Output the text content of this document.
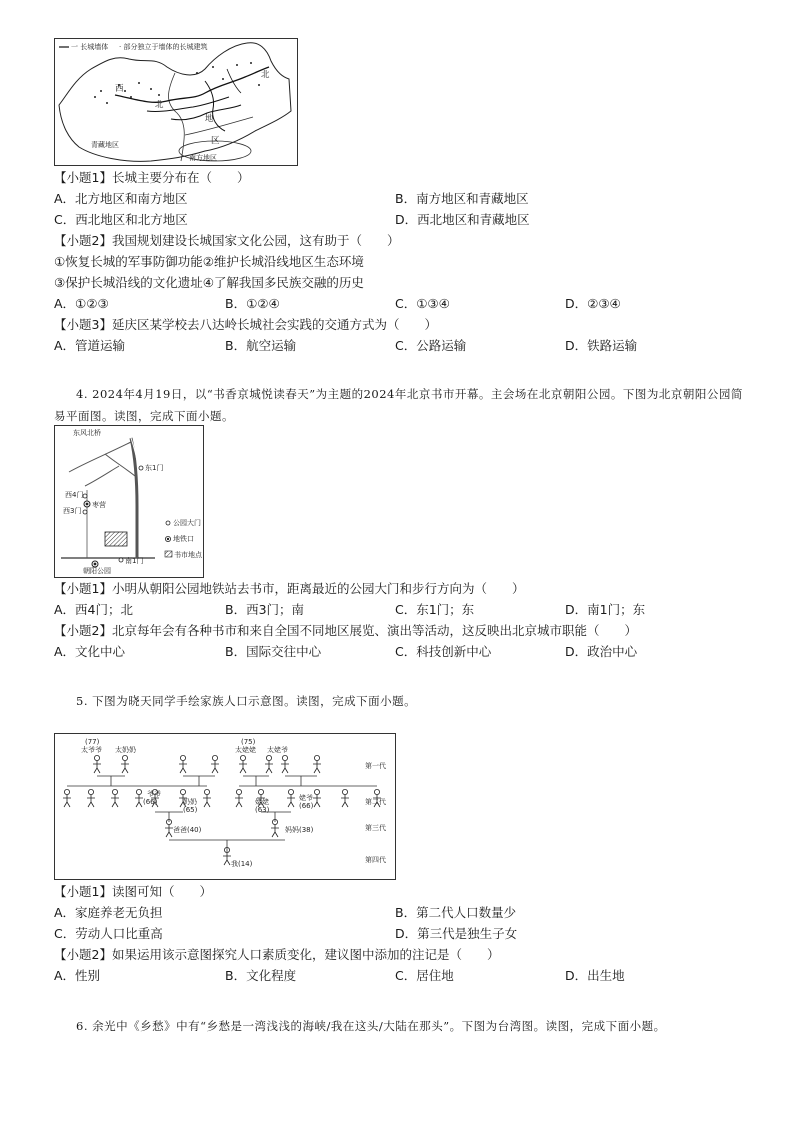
一 长城墙体 · 部分独立于墙体的长城建筑
西
北
北
地
区
青藏地区
南方地区
【小题1】长城主要分布在（　　）
A．北方地区和南方地区	B．南方地区和青藏地区
C．西北地区和北方地区	D．西北地区和青藏地区
【小题2】我国规划建设长城国家文化公园，这有助于（　　）
①恢复长城的军事防御功能②维护长城沿线地区生态环境
③保护长城沿线的文化遗址④了解我国多民族交融的历史
A．①②③	B．①②④	C．①③④	D．②③④
【小题3】延庆区某学校去八达岭长城社会实践的交通方式为（　　）
A．管道运输	B．航空运输	C．公路运输	D．铁路运输
4. 2024年4月19日，以“书香京城悦读春天”为主题的2024年北京书市开幕。主会场在北京朝阳公园。下图为北京朝阳公园简
易平面图。读图，完成下面小题。
东风北桥
东1门
西4门
西3门
枣营
南1门
朝阳公园
公园大门
地铁口
书市地点
【小题1】小明从朝阳公园地铁站去书市，距离最近的公园大门和步行方向为（　　）
A．西4门；北	B．西3门；南	C．东1门；东	D．南1门；东
【小题2】北京每年会有各种书市和来自全国不同地区展览、演出等活动，这反映出北京城市职能（　　）
A．文化中心	B．国际交往中心	C．科技创新中心	D．政治中心
5. 下图为晓天同学手绘家族人口示意图。读图，完成下面小题。
(77)
太爷爷 太奶奶
(75)
太姥姥 太姥爷
爷爷
(66)	奶奶
(65)
姥姥
(63)
姥爷
(66)
爸爸(40)	妈妈(38)
我(14)
第一代
第二代
第三代
第四代
【小题1】读图可知（　　）
A．家庭养老无负担	B．第二代人口数量少
C．劳动人口比重高	D．第三代是独生子女
【小题2】如果运用该示意图探究人口素质变化，建议图中添加的注记是（　　）
A．性别	B．文化程度	C．居住地	D．出生地
6. 余光中《乡愁》中有“乡愁是一湾浅浅的海峡/我在这头/大陆在那头”。下图为台湾图。读图，完成下面小题。
